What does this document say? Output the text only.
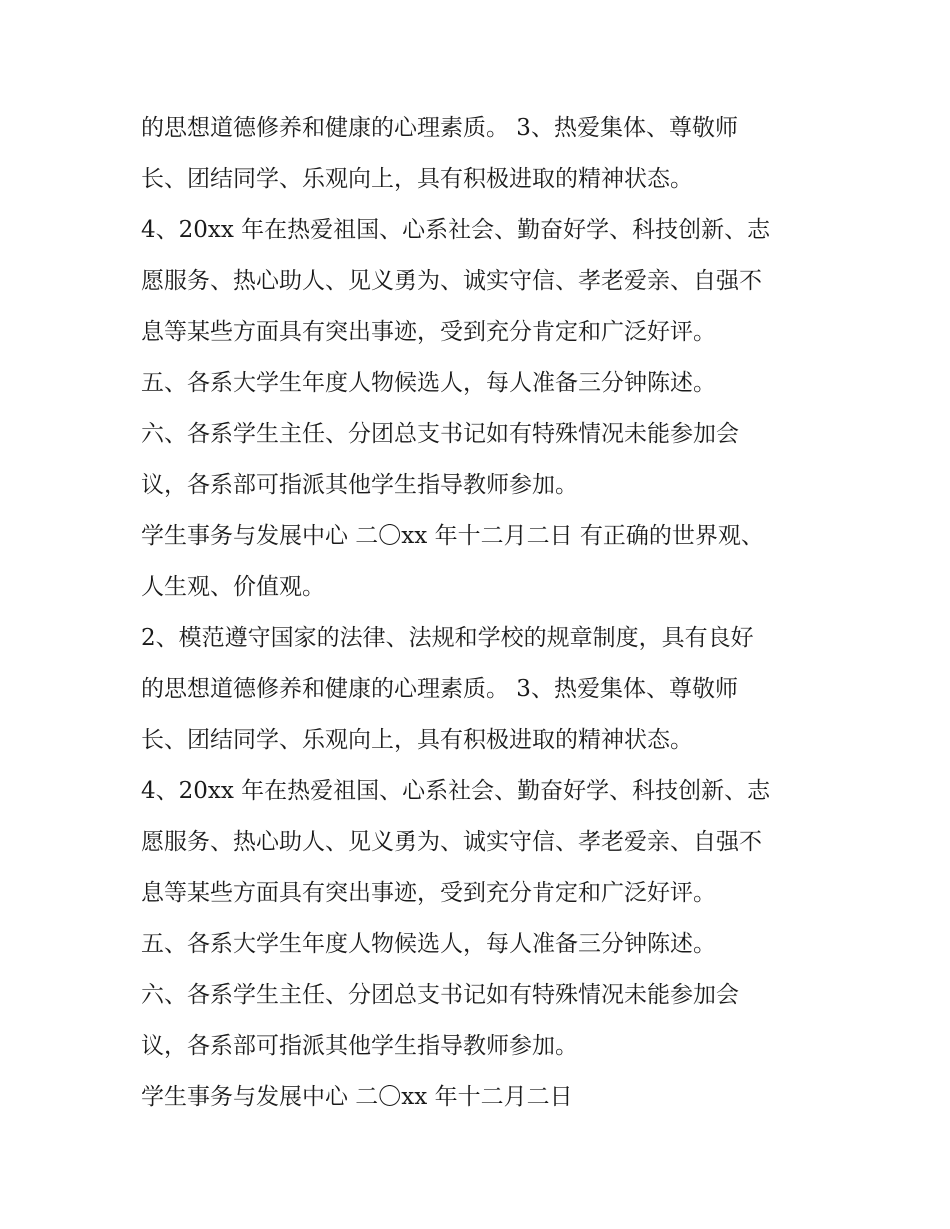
的思想道德修养和健康的心理素质。 3、热爱集体、尊敬师
长、团结同学、乐观向上，具有积极进取的精神状态。
4、20xx 年在热爱祖国、心系社会、勤奋好学、科技创新、志
愿服务、热心助人、见义勇为、诚实守信、孝老爱亲、自强不
息等某些方面具有突出事迹，受到充分肯定和广泛好评。
五、各系大学生年度人物候选人，每人准备三分钟陈述。
六、各系学生主任、分团总支书记如有特殊情况未能参加会
议，各系部可指派其他学生指导教师参加。
学生事务与发展中心 二〇xx 年十二月二日 有正确的世界观、
人生观、价值观。
2、模范遵守国家的法律、法规和学校的规章制度，具有良好
的思想道德修养和健康的心理素质。 3、热爱集体、尊敬师
长、团结同学、乐观向上，具有积极进取的精神状态。
4、20xx 年在热爱祖国、心系社会、勤奋好学、科技创新、志
愿服务、热心助人、见义勇为、诚实守信、孝老爱亲、自强不
息等某些方面具有突出事迹，受到充分肯定和广泛好评。
五、各系大学生年度人物候选人，每人准备三分钟陈述。
六、各系学生主任、分团总支书记如有特殊情况未能参加会
议，各系部可指派其他学生指导教师参加。
学生事务与发展中心 二〇xx 年十二月二日
